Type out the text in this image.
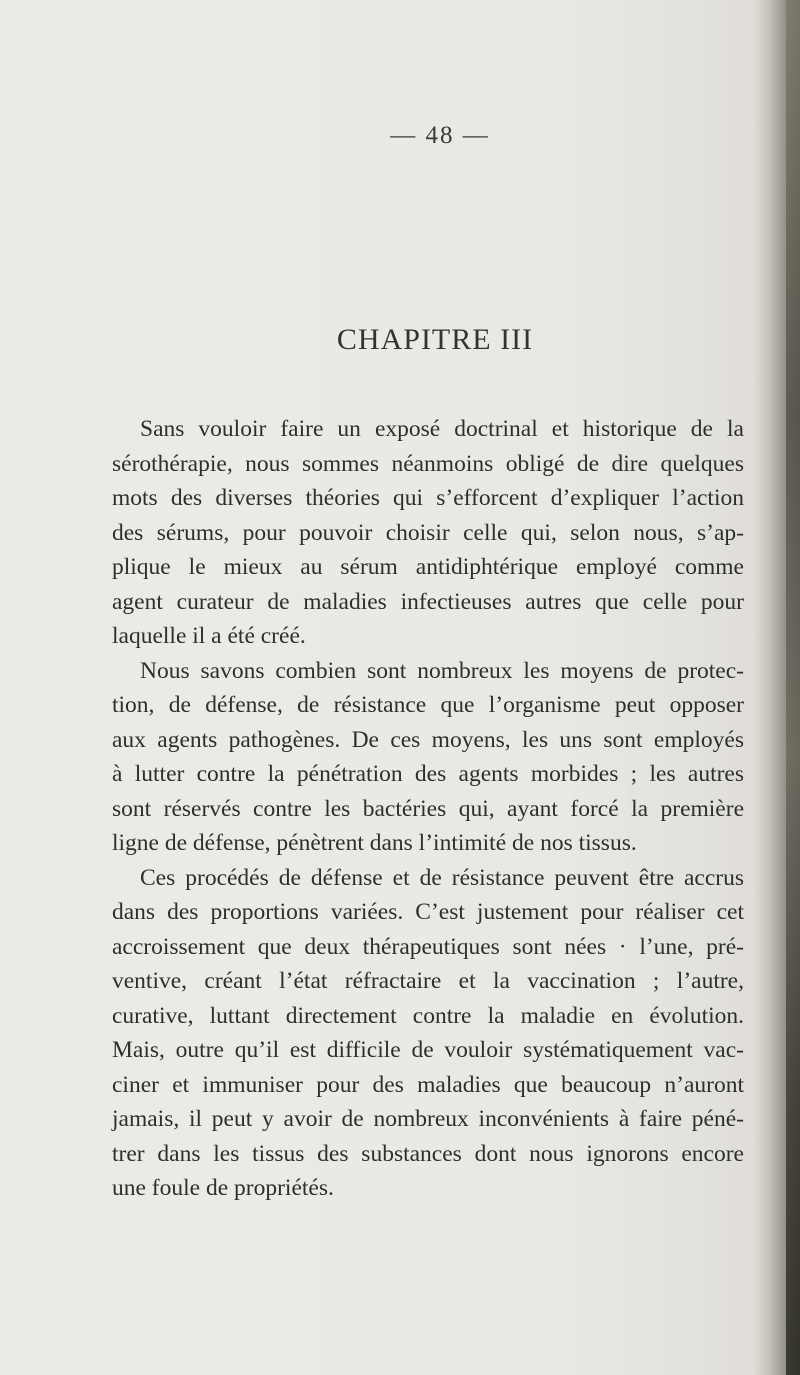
— 48 —
CHAPITRE III
Sans vouloir faire un exposé doctrinal et historique de la
sérothérapie, nous sommes néanmoins obligé de dire quelques
mots des diverses théories qui s’efforcent d’expliquer l’action
des sérums, pour pouvoir choisir celle qui, selon nous, s’ap-
plique le mieux au sérum antidiphtérique employé comme
agent curateur de maladies infectieuses autres que celle pour
laquelle il a été créé.
Nous savons combien sont nombreux les moyens de protec-
tion, de défense, de résistance que l’organisme peut opposer
aux agents pathogènes. De ces moyens, les uns sont employés
à lutter contre la pénétration des agents morbides ; les autres
sont réservés contre les bactéries qui, ayant forcé la première
ligne de défense, pénètrent dans l’intimité de nos tissus.
Ces procédés de défense et de résistance peuvent être accrus
dans des proportions variées. C’est justement pour réaliser cet
accroissement que deux thérapeutiques sont nées · l’une, pré-
ventive, créant l’état réfractaire et la vaccination ; l’autre,
curative, luttant directement contre la maladie en évolution.
Mais, outre qu’il est difficile de vouloir systématiquement vac-
ciner et immuniser pour des maladies que beaucoup n’auront
jamais, il peut y avoir de nombreux inconvénients à faire péné-
trer dans les tissus des substances dont nous ignorons encore
une foule de propriétés.
